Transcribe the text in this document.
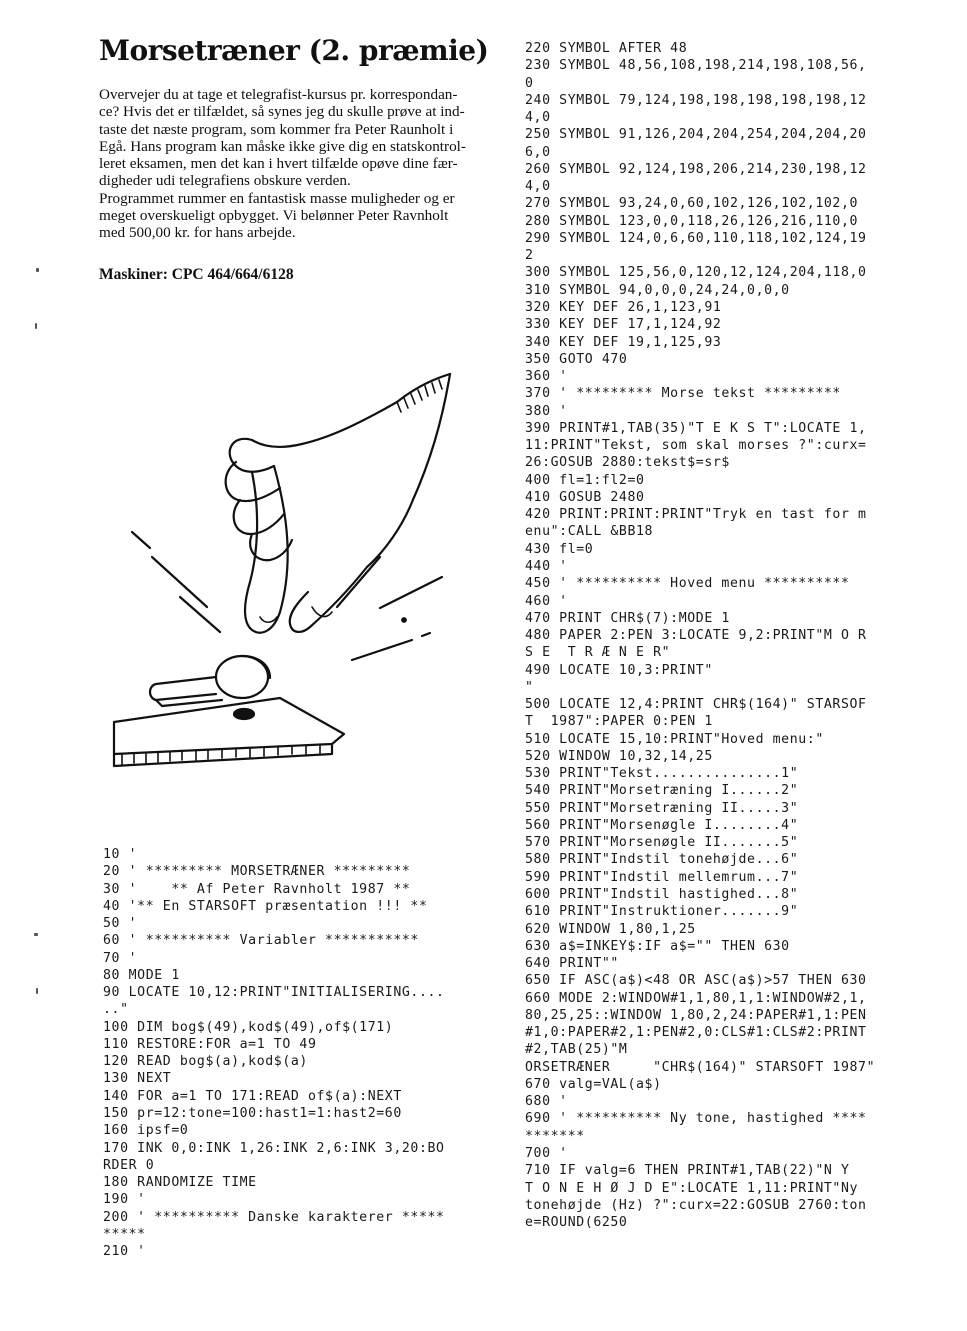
Morsetræner (2. præmie)

Overvejer du at tage et telegrafist-kursus pr. korrespondan-

ce? Hvis det er tilfældet, så synes jeg du skulle prøve at ind-

taste det næste program, som kommer fra Peter Raunholt i

Egå. Hans program kan måske ikke give dig en statskontrol-

leret eksamen, men det kan i hvert tilfælde opøve dine fær-

digheder udi telegrafiens obskure verden.

Programmet rummer en fantastisk masse muligheder og er

meget overskueligt opbygget. Vi belønner Peter Ravnholt

med 500,00 kr. for hans arbejde.

Maskiner: CPC 464/664/6128
10 '
20 ' ********* MORSETRÆNER *********
30 '    ** Af Peter Ravnholt 1987 **
40 '** En STARSOFT præsentation !!! **
50 '
60 ' ********** Variabler ***********
70 '
80 MODE 1
90 LOCATE 10,12:PRINT"INITIALISERING....
.."
100 DIM bog$(49),kod$(49),of$(171)
110 RESTORE:FOR a=1 TO 49
120 READ bog$(a),kod$(a)
130 NEXT
140 FOR a=1 TO 171:READ of$(a):NEXT
150 pr=12:tone=100:hast1=1:hast2=60
160 ipsf=0
170 INK 0,0:INK 1,26:INK 2,6:INK 3,20:BO
RDER 0
180 RANDOMIZE TIME
190 '
200 ' ********** Danske karakterer *****
*****
210 '
220 SYMBOL AFTER 48
230 SYMBOL 48,56,108,198,214,198,108,56,
0
240 SYMBOL 79,124,198,198,198,198,198,12
4,0
250 SYMBOL 91,126,204,204,254,204,204,20
6,0
260 SYMBOL 92,124,198,206,214,230,198,12
4,0
270 SYMBOL 93,24,0,60,102,126,102,102,0
280 SYMBOL 123,0,0,118,26,126,216,110,0
290 SYMBOL 124,0,6,60,110,118,102,124,19
2
300 SYMBOL 125,56,0,120,12,124,204,118,0
310 SYMBOL 94,0,0,0,24,24,0,0,0
320 KEY DEF 26,1,123,91
330 KEY DEF 17,1,124,92
340 KEY DEF 19,1,125,93
350 GOTO 470
360 '
370 ' ********* Morse tekst *********
380 '
390 PRINT#1,TAB(35)"T E K S T":LOCATE 1,
11:PRINT"Tekst, som skal morses ?":curx=
26:GOSUB 2880:tekst$=sr$
400 fl=1:fl2=0
410 GOSUB 2480
420 PRINT:PRINT:PRINT"Tryk en tast for m
enu":CALL &BB18
430 fl=0
440 '
450 ' ********** Hoved menu **********
460 '
470 PRINT CHR$(7):MODE 1
480 PAPER 2:PEN 3:LOCATE 9,2:PRINT"M O R
S E  T R Æ N E R"
490 LOCATE 10,3:PRINT"
"
500 LOCATE 12,4:PRINT CHR$(164)" STARSOF
T  1987":PAPER 0:PEN 1
510 LOCATE 15,10:PRINT"Hoved menu:"
520 WINDOW 10,32,14,25
530 PRINT"Tekst...............1"
540 PRINT"Morsetræning I......2"
550 PRINT"Morsetræning II.....3"
560 PRINT"Morsenøgle I........4"
570 PRINT"Morsenøgle II.......5"
580 PRINT"Indstil tonehøjde...6"
590 PRINT"Indstil mellemrum...7"
600 PRINT"Indstil hastighed...8"
610 PRINT"Instruktioner.......9"
620 WINDOW 1,80,1,25
630 a$=INKEY$:IF a$="" THEN 630
640 PRINT""
650 IF ASC(a$)<48 OR ASC(a$)>57 THEN 630
660 MODE 2:WINDOW#1,1,80,1,1:WINDOW#2,1,
80,25,25::WINDOW 1,80,2,24:PAPER#1,1:PEN
#1,0:PAPER#2,1:PEN#2,0:CLS#1:CLS#2:PRINT
#2,TAB(25)"M
ORSETRÆNER     "CHR$(164)" STARSOFT 1987"
670 valg=VAL(a$)
680 '
690 ' ********** Ny tone, hastighed ****
*******
700 '
710 IF valg=6 THEN PRINT#1,TAB(22)"N Y
T O N E H Ø J D E":LOCATE 1,11:PRINT"Ny
tonehøjde (Hz) ?":curx=22:GOSUB 2760:ton
e=ROUND(6250
